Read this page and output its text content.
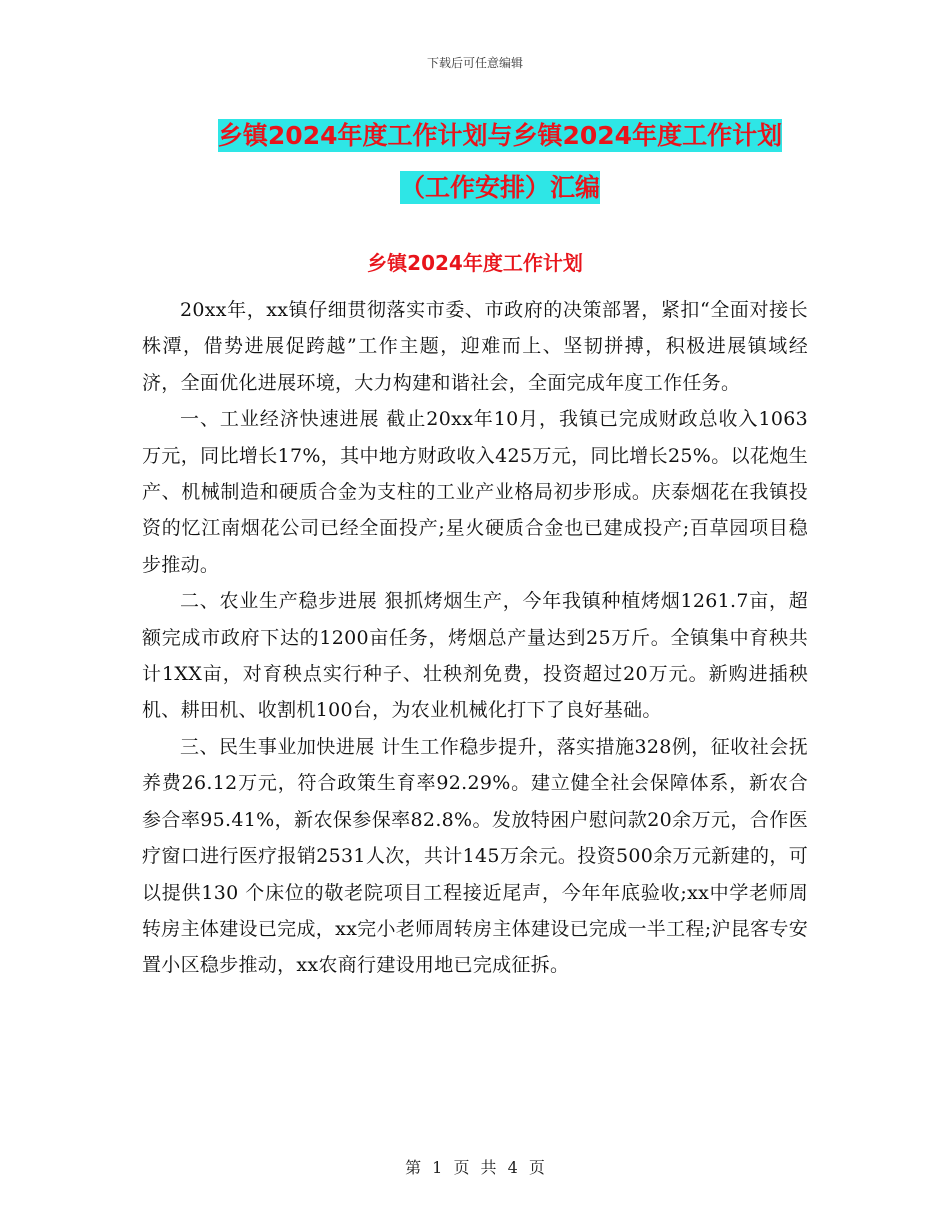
下载后可任意编辑
乡镇2024年度工作计划与乡镇2024年度工作计划
（工作安排）汇编
乡镇2024年度工作计划

20xx年，xx镇仔细贯彻落实市委、市政府的决策部署，紧扣“全面对接长株潭，借势进展促跨越”工作主题，迎难而上、坚韧拼搏，积极进展镇域经济，全面优化进展环境，大力构建和谐社会，全面完成年度工作任务。

一、工业经济快速进展 截止20xx年10月，我镇已完成财政总收入1063万元，同比增长17%，其中地方财政收入425万元，同比增长25%。以花炮生产、机械制造和硬质合金为支柱的工业产业格局初步形成。庆泰烟花在我镇投资的忆江南烟花公司已经全面投产;星火硬质合金也已建成投产;百草园项目稳步推动。

二、农业生产稳步进展 狠抓烤烟生产，今年我镇种植烤烟1261.7亩，超额完成市政府下达的1200亩任务，烤烟总产量达到25万斤。全镇集中育秧共计1XX亩，对育秧点实行种子、壮秧剂免费，投资超过20万元。新购进插秧机、耕田机、收割机100台，为农业机械化打下了良好基础。

三、民生事业加快进展 计生工作稳步提升，落实措施328例，征收社会抚养费26.12万元，符合政策生育率92.29%。建立健全社会保障体系，新农合参合率95.41%，新农保参保率82.8%。发放特困户慰问款20余万元，合作医疗窗口进行医疗报销2531人次，共计145万余元。投资500余万元新建的，可以提供130 个床位的敬老院项目工程接近尾声，今年年底验收;xx中学老师周转房主体建设已完成，xx完小老师周转房主体建设已完成一半工程;沪昆客专安置小区稳步推动，xx农商行建设用地已完成征拆。

第 1 页 共 4 页
